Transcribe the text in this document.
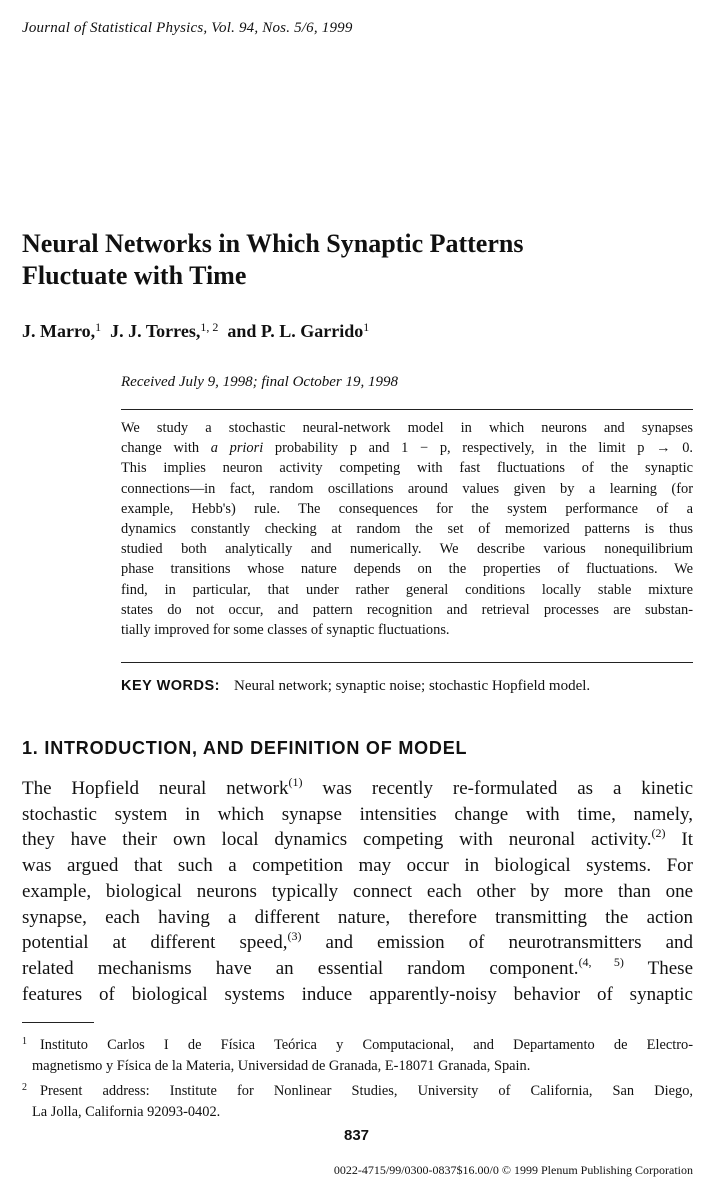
Journal of Statistical Physics, Vol. 94, Nos. 5/6, 1999
Neural Networks in Which Synaptic Patterns
Fluctuate with Time
J. Marro,$^1$ J. J. Torres,$^{1, 2}$ and P. L. Garrido$^1$
Received July 9, 1998; final October 19, 1998
We study a stochastic neural-network model in which neurons and synapses
change with a priori probability p and 1 − p, respectively, in the limit p → 0.
This implies neuron activity competing with fast fluctuations of the synaptic
connections—in fact, random oscillations around values given by a learning (for
example, Hebb's) rule. The consequences for the system performance of a
dynamics constantly checking at random the set of memorized patterns is thus
studied both analytically and numerically. We describe various nonequilibrium
phase transitions whose nature depends on the properties of fluctuations. We
find, in particular, that under rather general conditions locally stable mixture
states do not occur, and pattern recognition and retrieval processes are substan-
tially improved for some classes of synaptic fluctuations.
KEY WORDS: Neural network; synaptic noise; stochastic Hopfield model.
1. INTRODUCTION, AND DEFINITION OF MODEL
The Hopfield neural network$^{(1)}$ was recently re-formulated as a kinetic
stochastic system in which synapse intensities change with time, namely,
they have their own local dynamics competing with neuronal activity.$^{(2)}$ It
was argued that such a competition may occur in biological systems. For
example, biological neurons typically connect each other by more than one
synapse, each having a different nature, therefore transmitting the action
potential at different speed,$^{(3)}$ and emission of neurotransmitters and
related mechanisms have an essential random component.$^{(4, 5)}$ These
features of biological systems induce apparently-noisy behavior of synaptic
$^1$ Instituto Carlos I de Física Teórica y Computacional, and Departamento de Electro-
magnetismo y Física de la Materia, Universidad de Granada, E-18071 Granada, Spain.
$^2$ Present address: Institute for Nonlinear Studies, University of California, San Diego,
La Jolla, California 92093-0402.
837
0022-4715/99/0300-0837$16.00/0 © 1999 Plenum Publishing Corporation
